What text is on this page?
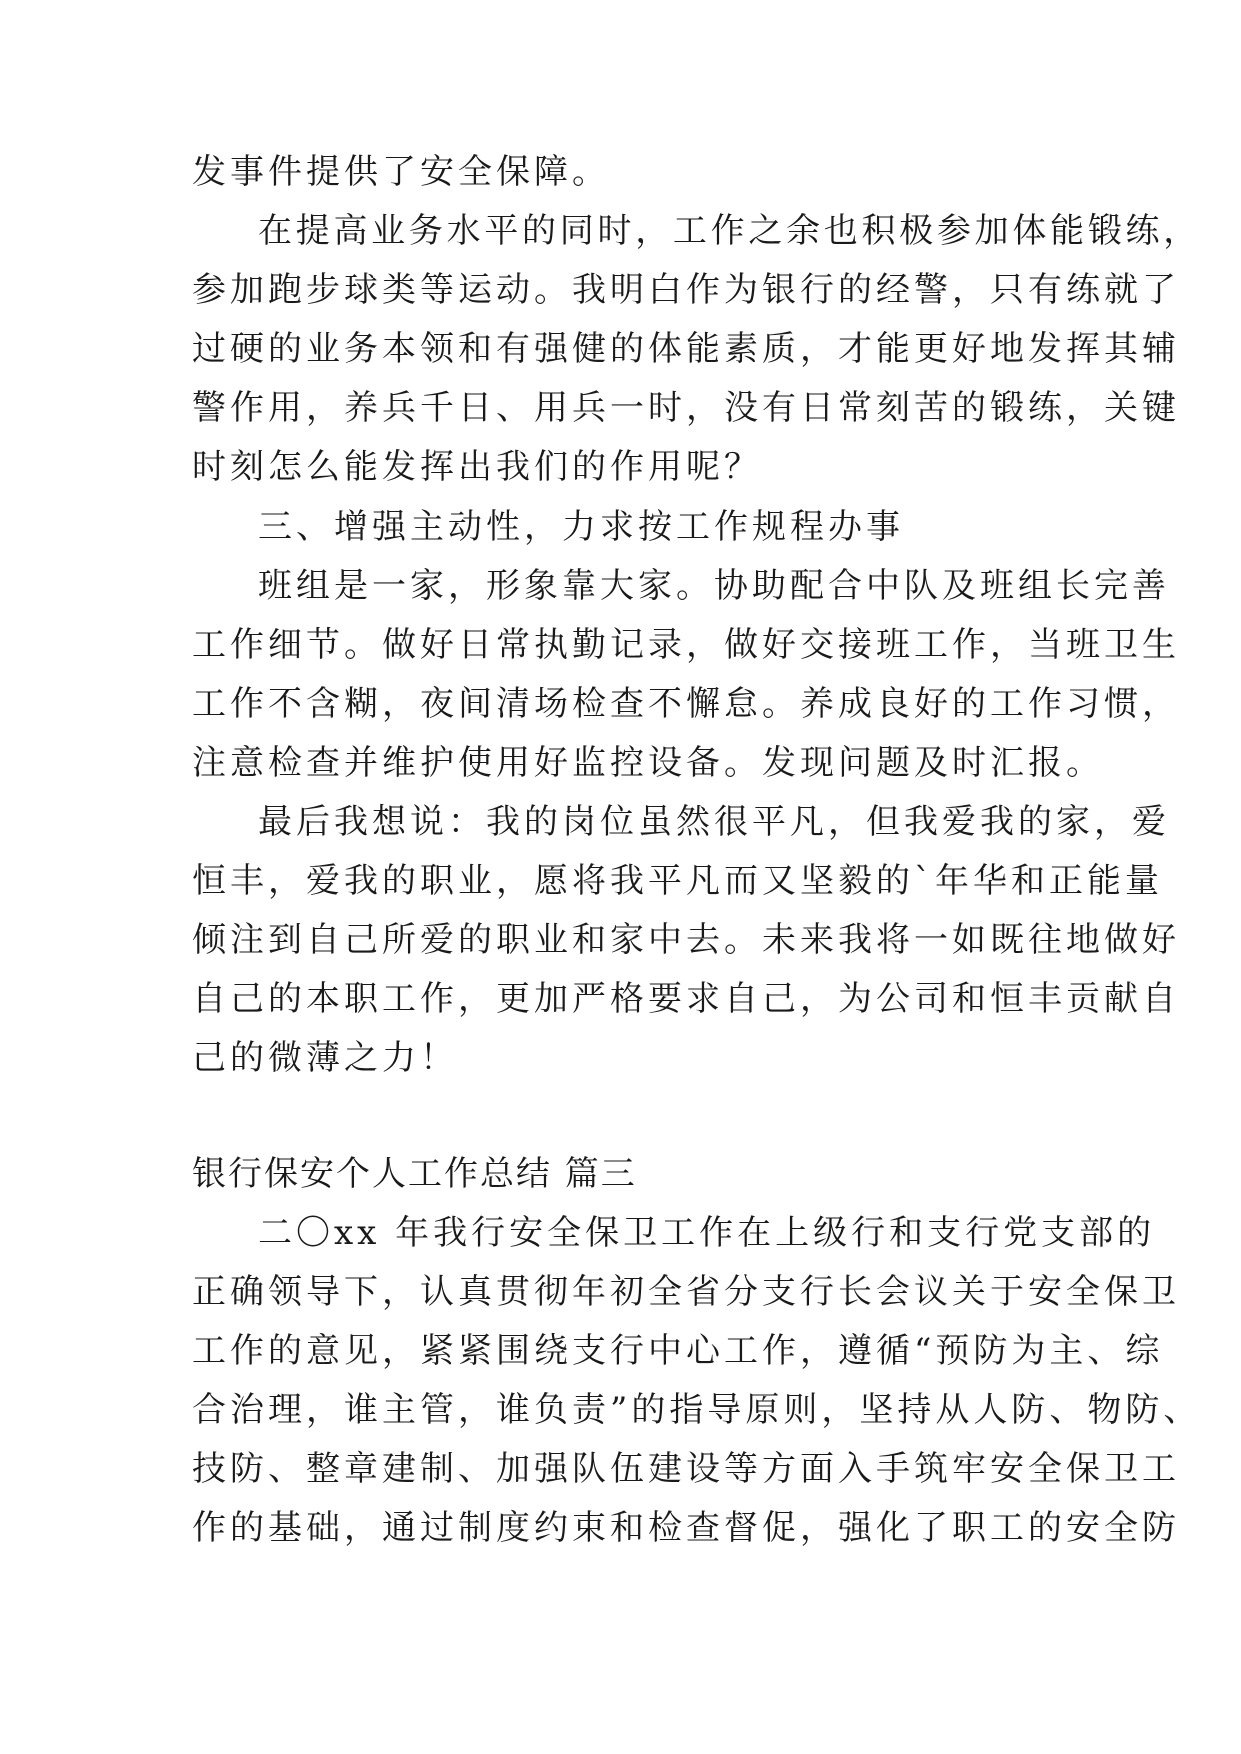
发事件提供了安全保障。
在提高业务水平的同时，工作之余也积极参加体能锻练，
参加跑步球类等运动。我明白作为银行的经警，只有练就了
过硬的业务本领和有强健的体能素质，才能更好地发挥其辅
警作用，养兵千日、用兵一时，没有日常刻苦的锻练，关键
时刻怎么能发挥出我们的作用呢？
三、增强主动性，力求按工作规程办事
班组是一家，形象靠大家。协助配合中队及班组长完善
工作细节。做好日常执勤记录，做好交接班工作，当班卫生
工作不含糊，夜间清场检查不懈怠。养成良好的工作习惯，
注意检查并维护使用好监控设备。发现问题及时汇报。
最后我想说：我的岗位虽然很平凡，但我爱我的家，爱
恒丰，爱我的职业，愿将我平凡而又坚毅的`年华和正能量
倾注到自己所爱的职业和家中去。未来我将一如既往地做好
自己的本职工作，更加严格要求自己，为公司和恒丰贡献自
己的微薄之力！
银行保安个人工作总结 篇三
二〇xx 年我行安全保卫工作在上级行和支行党支部的
正确领导下，认真贯彻年初全省分支行长会议关于安全保卫
工作的意见，紧紧围绕支行中心工作，遵循“预防为主、综
合治理，谁主管，谁负责”的指导原则，坚持从人防、物防、
技防、整章建制、加强队伍建设等方面入手筑牢安全保卫工
作的基础，通过制度约束和检查督促，强化了职工的安全防
